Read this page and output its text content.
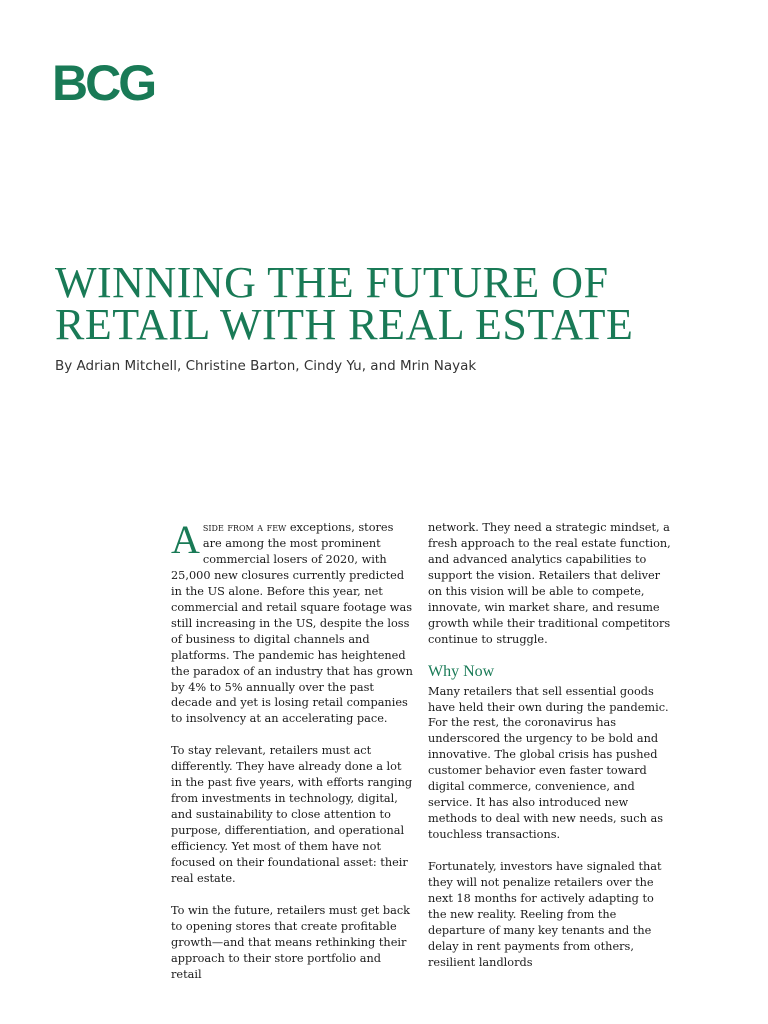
BCG
WINNING THE FUTURE OF
RETAIL WITH REAL ESTATE

By Adrian Mitchell, Christine Barton, Cindy Yu, and Mrin Nayak

Aside from a few exceptions, stores are among the most prominent commercial losers of 2020, with 25,000 new closures currently predicted in the US alone. Before this year, net commercial and retail square footage was still increasing in the US, despite the loss of business to digital channels and platforms. The pandemic has heightened the paradox of an industry that has grown by 4% to 5% annually over the past decade and yet is losing retail companies to insolvency at an accelerating pace.

To stay relevant, retailers must act differently. They have already done a lot in the past five years, with efforts ranging from investments in technology, digital, and sustainability to close attention to purpose, differentiation, and operational efficiency. Yet most of them have not focused on their foundational asset: their real estate.

To win the future, retailers must get back to opening stores that create profitable growth—and that means rethinking their approach to their store portfolio and retail

network. They need a strategic mindset, a fresh approach to the real estate function, and advanced analytics capabilities to support the vision. Retailers that deliver on this vision will be able to compete, innovate, win market share, and resume growth while their traditional competitors continue to struggle.

Why Now

Many retailers that sell essential goods have held their own during the pandemic. For the rest, the coronavirus has underscored the urgency to be bold and innovative. The global crisis has pushed customer behavior even faster toward digital commerce, convenience, and service. It has also introduced new methods to deal with new needs, such as touchless transactions.

Fortunately, investors have signaled that they will not penalize retailers over the next 18 months for actively adapting to the new reality. Reeling from the departure of many key tenants and the delay in rent payments from others, resilient landlords
